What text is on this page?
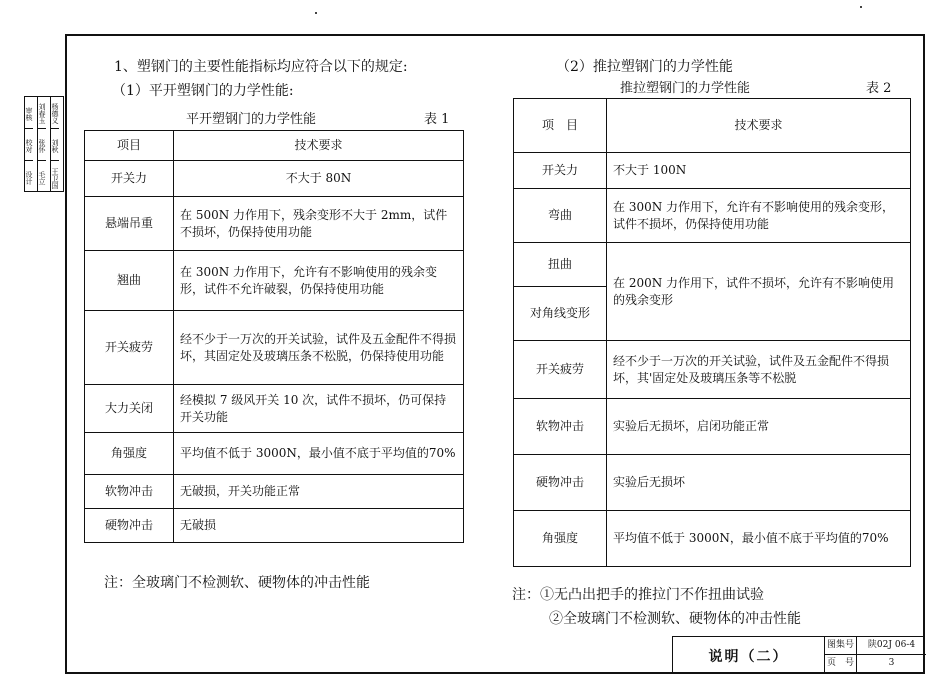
审核
校对
设计
刘春玉
张怀
毛立
杨德义
刘秋
王卫国
1、塑钢门的主要性能指标均应符合以下的规定:
（1）平开塑钢门的力学性能:
平开塑钢门的力学性能	表 1
项目	技术要求
开关力	不大于 80N
悬端吊重	在 500N 力作用下，残余变形不大于 2mm，试件不损坏，仍保持使用功能
翘曲	在 300N 力作用下，允许有不影响使用的残余变形，试件不允许破裂，仍保持使用功能
开关疲劳	经不少于一万次的开关试验，试件及五金配件不得损坏，其固定处及玻璃压条不松脱，仍保持使用功能
大力关闭	经模拟 7 级风开关 10 次，试件不损坏，仍可保持开关功能
角强度	平均值不低于 3000N，最小值不底于平均值的70%
软物冲击	无破损，开关功能正常
硬物冲击	无破损
注：全玻璃门不检测软、硬物体的冲击性能
（2）推拉塑钢门的力学性能
推拉塑钢门的力学性能	表 2
项　目	技术要求
开关力	不大于 100N
弯曲	在 300N 力作用下，允许有不影响使用的残余变形，试件不损坏，仍保持使用功能
扭曲	在 200N 力作用下，试件不损坏，允许有不影响使用的残余变形
对角线变形	
开关疲劳	经不少于一万次的开关试验，试件及五金配件不得损坏，其'固定处及玻璃压条等不松脱
软物冲击	实验后无损坏，启闭功能正常
硬物冲击	实验后无损坏
角强度	平均值不低于 3000N，最小值不底于平均值的70%
注：①无凸出把手的推拉门不作扭曲试验
②全玻璃门不检测软、硬物体的冲击性能
说明（二）
图集号	陕02J 06-4
页　号	3
